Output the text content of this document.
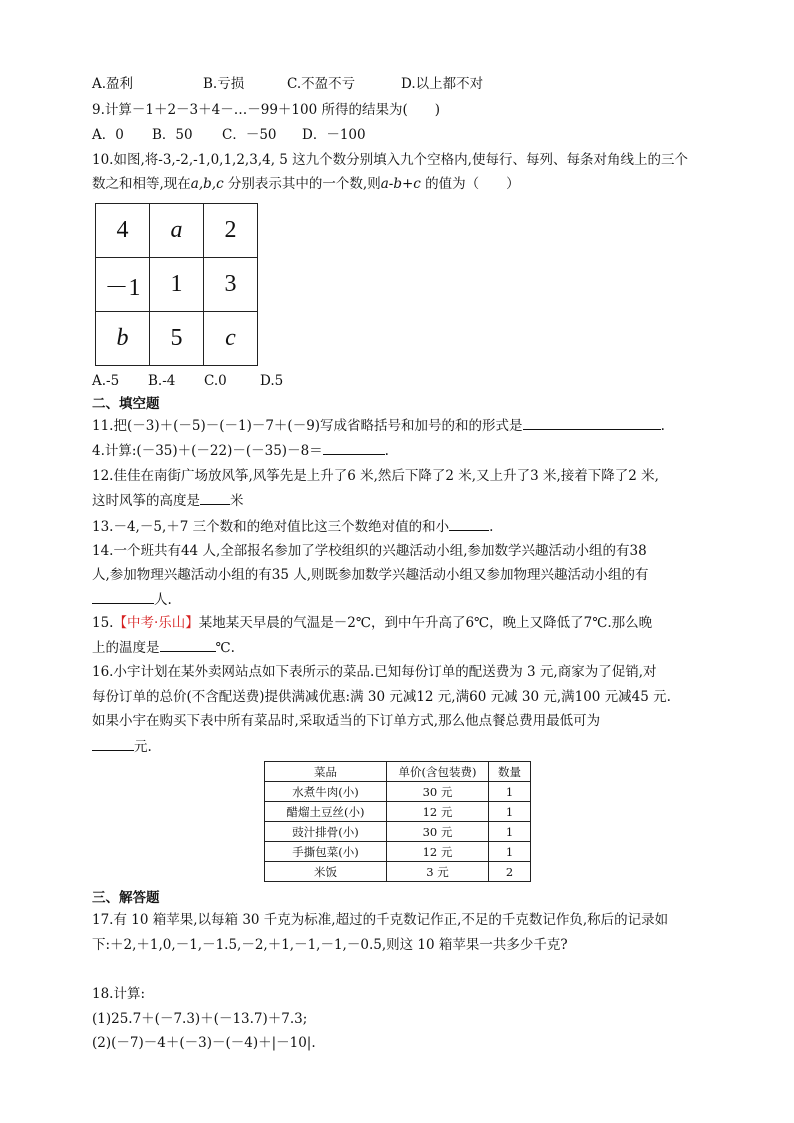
A.盈利	B.亏损	C.不盈不亏	D.以上都不对
9.计算－1＋2－3＋4－…－99＋100 所得的结果为(　　)
A．0 B．50 C．－50 D．－100
10.如图,将-3,-2,-1,0,1,2,3,4, 5 这九个数分别填入九个空格内,使每行、每列、每条对角线上的三个
数之和相等,现在a,b,c 分别表示其中的一个数,则a-b+c 的值为（　　）
4	a	2
－1	1	3
b	5	c
A.-5 B.-4 C.0 D.5
二、填空题
11.把(－3)＋(－5)－(－1)－7＋(－9)写成省略括号和加号的和的形式是	.
4.计算:(－35)＋(－22)－(－35)－8＝	.
12.佳佳在南街广场放风筝,风筝先是上升了6 米,然后下降了2 米,又上升了3 米,接着下降了2 米,
这时风筝的高度是 米
13.－4,－5,＋7 三个数和的绝对值比这三个数绝对值的和小	.
14.一个班共有44 人,全部报名参加了学校组织的兴趣活动小组,参加数学兴趣活动小组的有38
人,参加物理兴趣活动小组的有35 人,则既参加数学兴趣活动小组又参加物理兴趣活动小组的有
人.
15.【中考·乐山】某地某天早晨的气温是－2℃，到中午升高了6℃，晚上又降低了7℃.那么晚
上的温度是	℃.
16.小宇计划在某外卖网站点如下表所示的菜品.已知每份订单的配送费为 3 元,商家为了促销,对
每份订单的总价(不含配送费)提供满减优惠:满 30 元减12 元,满60 元减 30 元,满100 元减45 元.
如果小宇在购买下表中所有菜品时,采取适当的下订单方式,那么他点餐总费用最低可为
元.
菜品	单价(含包装费)	数量
水煮牛肉(小)	30 元	1
醋熘土豆丝(小)	12 元	1
豉汁排骨(小)	30 元	1
手撕包菜(小)	12 元	1
米饭	3 元	2
三、解答题
17.有 10 箱苹果,以每箱 30 千克为标准,超过的千克数记作正,不足的千克数记作负,称后的记录如
下:＋2,＋1,0,－1,－1.5,－2,＋1,－1,－1,－0.5,则这 10 箱苹果一共多少千克?
18.计算:
(1)25.7＋(－7.3)＋(－13.7)＋7.3;
(2)(－7)－4＋(－3)－(－4)＋|－10|.
